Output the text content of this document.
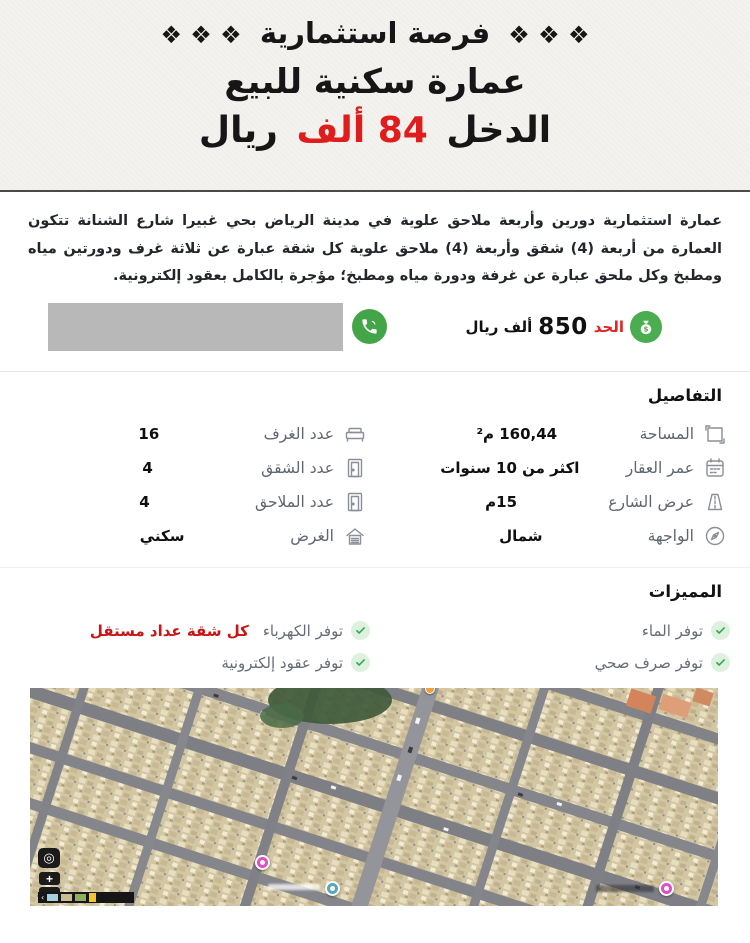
❖ ❖ ❖ فرصة استثمارية ❖ ❖ ❖
عمارة سكنية للبيع
الدخل 84 ألف ريال

عمارة استثمارية دورين وأربعة ملاحق علوية في مدينة الرياض بحي غبيرا شارع الشنانة تتكون العمارة من أربعة (4) شقق وأربعة (4) ملاحق علوية كل شقة عبارة عن ثلاثة غرف ودورتين مياه ومطبخ وكل ملحق عبارة عن غرفة ودورة مياه ومطبخ؛ مؤجرة بالكامل بعقود إلكترونية.

$
الحد
850
ألف ريال
التفاصيل
المساحة
160,44 م²
عمر العقار
اكثر من 10 سنوات
عرض الشارع
15م
الواجهة
شمال
عدد الغرف
16
عدد الشقق
4
عدد الملاحق
4
الغرض
سكني
المميزات
توفر الماء
توفر صرف صحي
توفر الكهرباء
كل شقة عداد مستقل
توفر عقود إلكترونية
◎
+
‹
